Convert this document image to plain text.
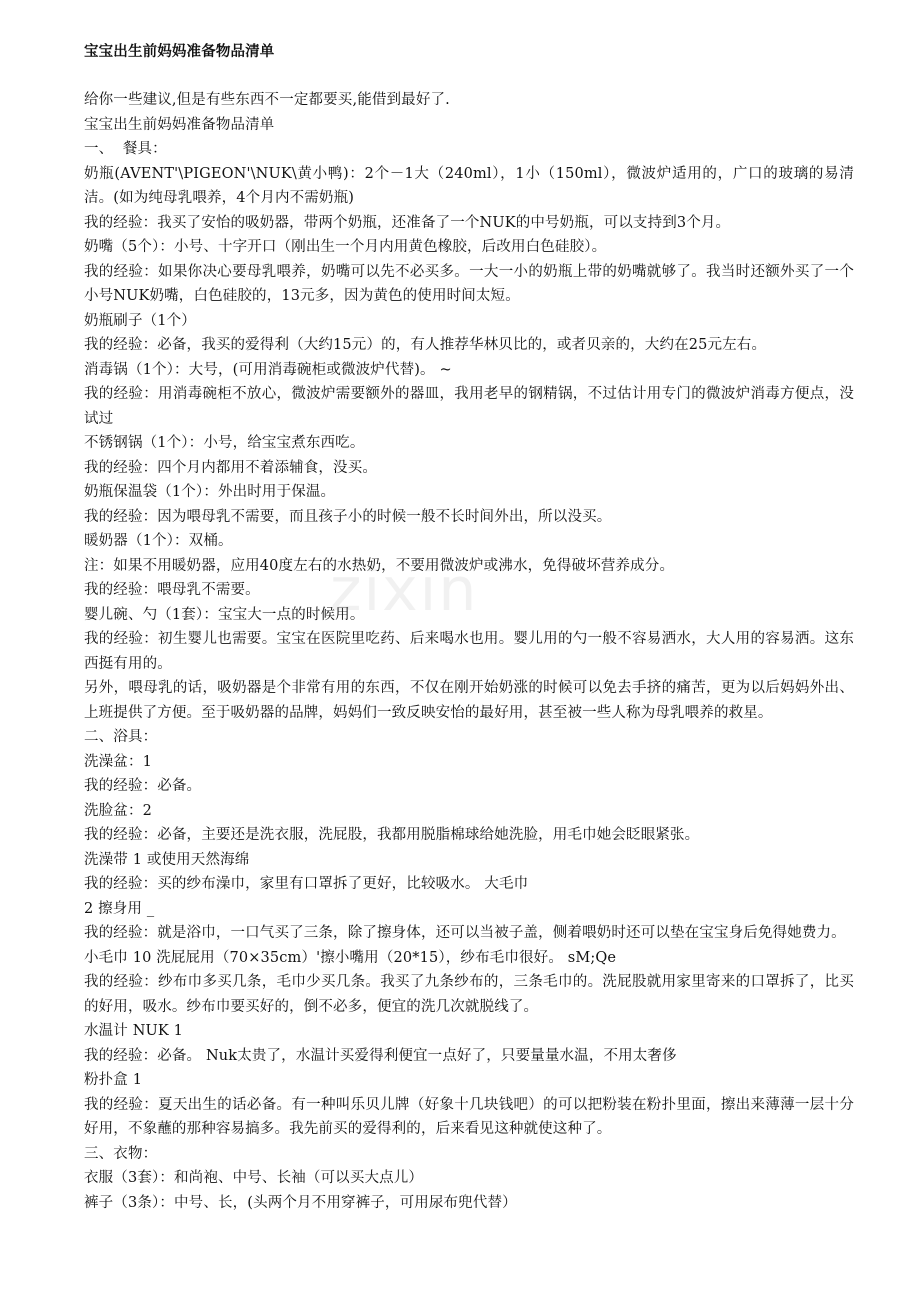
zixin
宝宝出生前妈妈准备物品清单

给你一些建议,但是有些东西不一定都要买,能借到最好了.

宝宝出生前妈妈准备物品清单

一、  餐具：

奶瓶(AVENT'\PIGEON'\NUK\黄小鸭)：2个－1大（240ml），1小（150ml），微波炉适用的，广口的玻璃的易清洁。(如为纯母乳喂养，4个月内不需奶瓶)

我的经验：我买了安怡的吸奶器，带两个奶瓶，还准备了一个NUK的中号奶瓶，可以支持到3个月。

奶嘴（5个）：小号、十字开口（刚出生一个月内用黄色橡胶，后改用白色硅胶）。

我的经验：如果你决心要母乳喂养，奶嘴可以先不必买多。一大一小的奶瓶上带的奶嘴就够了。我当时还额外买了一个小号NUK奶嘴，白色硅胶的，13元多，因为黄色的使用时间太短。

奶瓶刷子（1个）

我的经验：必备，我买的爱得利（大约15元）的，有人推荐华林贝比的，或者贝亲的，大约在25元左右。

消毒锅（1个）：大号，(可用消毒碗柜或微波炉代替)。 ~

我的经验：用消毒碗柜不放心，微波炉需要额外的器皿，我用老早的钢精锅，不过估计用专门的微波炉消毒方便点，没试过

不锈钢锅（1个）：小号，给宝宝煮东西吃。

我的经验：四个月内都用不着添辅食，没买。

奶瓶保温袋（1个）：外出时用于保温。

我的经验：因为喂母乳不需要，而且孩子小的时候一般不长时间外出，所以没买。

暖奶器（1个）：双桶。

注：如果不用暖奶器，应用40度左右的水热奶，不要用微波炉或沸水，免得破坏营养成分。

我的经验：喂母乳不需要。

婴儿碗、勺（1套）：宝宝大一点的时候用。

我的经验：初生婴儿也需要。宝宝在医院里吃药、后来喝水也用。婴儿用的勺一般不容易洒水，大人用的容易洒。这东西挺有用的。

另外，喂母乳的话，吸奶器是个非常有用的东西，不仅在刚开始奶涨的时候可以免去手挤的痛苦，更为以后妈妈外出、上班提供了方便。至于吸奶器的品牌，妈妈们一致反映安怡的最好用，甚至被一些人称为母乳喂养的救星。

二、浴具：

洗澡盆：1

我的经验：必备。

洗脸盆：2

我的经验：必备，主要还是洗衣服，洗屁股，我都用脱脂棉球给她洗脸，用毛巾她会眨眼紧张。

洗澡带 1 或使用天然海绵

我的经验：买的纱布澡巾，家里有口罩拆了更好，比较吸水。 大毛巾

2 擦身用 _

我的经验：就是浴巾，一口气买了三条，除了擦身体，还可以当被子盖，侧着喂奶时还可以垫在宝宝身后免得她费力。

小毛巾 10 洗屁屁用（70×35cm）'擦小嘴用（20*15），纱布毛巾很好。 sM;Qe

我的经验：纱布巾多买几条，毛巾少买几条。我买了九条纱布的，三条毛巾的。洗屁股就用家里寄来的口罩拆了，比买的好用，吸水。纱布巾要买好的，倒不必多，便宜的洗几次就脱线了。

水温计 NUK 1

我的经验：必备。 Nuk太贵了，水温计买爱得利便宜一点好了，只要量量水温，不用太奢侈

粉扑盒 1

我的经验：夏天出生的话必备。有一种叫乐贝儿牌（好象十几块钱吧）的可以把粉装在粉扑里面，擦出来薄薄一层十分好用，不象蘸的那种容易搞多。我先前买的爱得利的，后来看见这种就使这种了。

三、衣物：

衣服（3套）：和尚袍、中号、长袖（可以买大点儿）

裤子（3条）：中号、长，(头两个月不用穿裤子，可用尿布兜代替）
